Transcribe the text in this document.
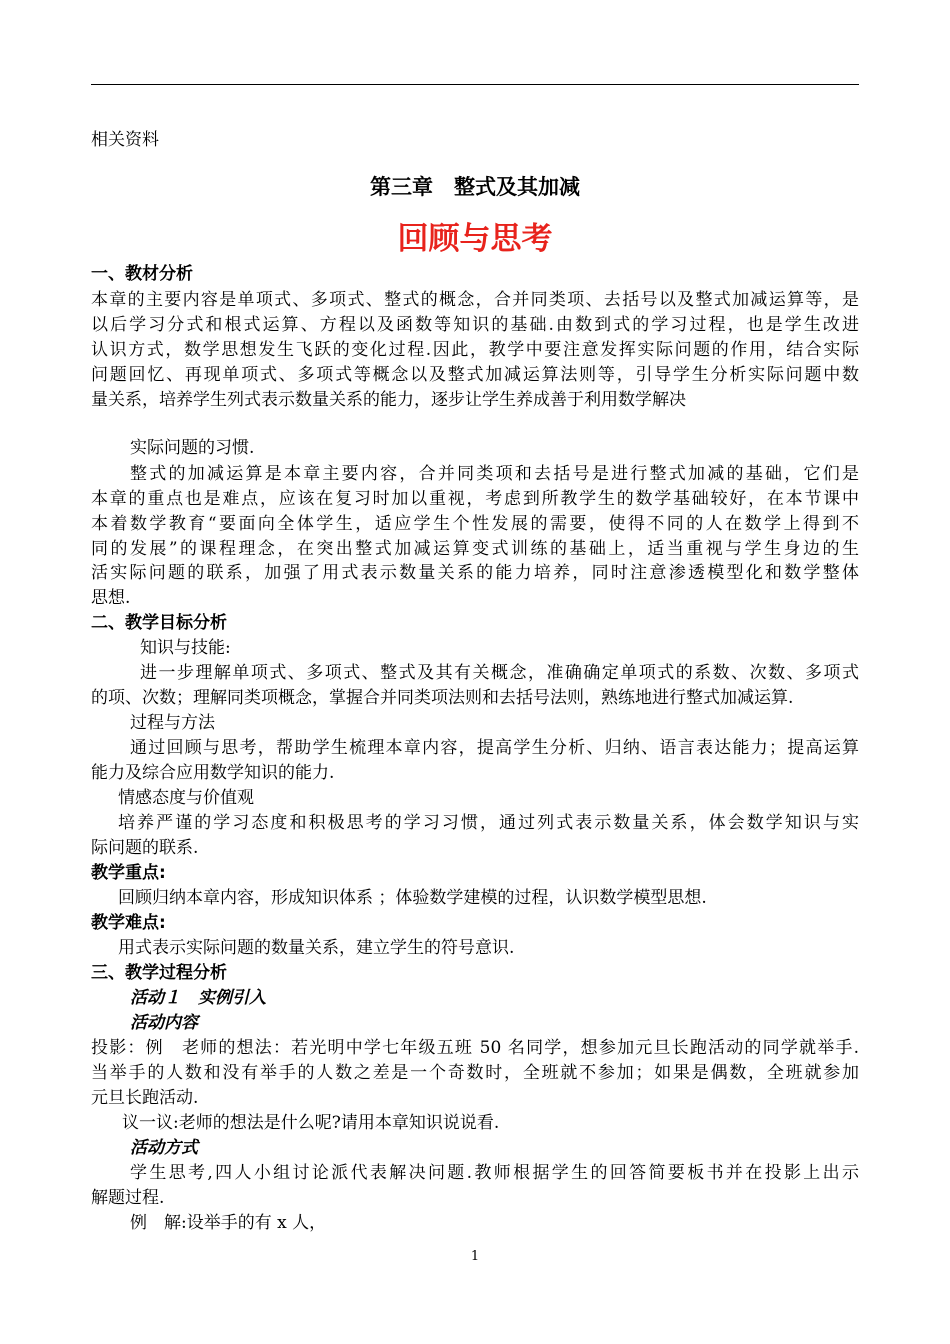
相关资料
第三章　整式及其加减
回顾与思考
一、教材分析
本章的主要内容是单项式、多项式、整式的概念，合并同类项、去括号以及整式加减运算等，是
以后学习分式和根式运算、方程以及函数等知识的基础.由数到式的学习过程，也是学生改进
认识方式，数学思想发生飞跃的变化过程.因此，教学中要注意发挥实际问题的作用，结合实际
问题回忆、再现单项式、多项式等概念以及整式加减运算法则等，引导学生分析实际问题中数
量关系，培养学生列式表示数量关系的能力，逐步让学生养成善于利用数学解决
实际问题的习惯.
整式的加减运算是本章主要内容，合并同类项和去括号是进行整式加减的基础，它们是
本章的重点也是难点，应该在复习时加以重视，考虑到所教学生的数学基础较好，在本节课中
本着数学教育“要面向全体学生，适应学生个性发展的需要，使得不同的人在数学上得到不
同的发展”的课程理念，在突出整式加减运算变式训练的基础上，适当重视与学生身边的生
活实际问题的联系，加强了用式表示数量关系的能力培养，同时注意渗透模型化和数学整体
思想.
二、教学目标分析
知识与技能:
进一步理解单项式、多项式、整式及其有关概念，准确确定单项式的系数、次数、多项式
的项、次数；理解同类项概念，掌握合并同类项法则和去括号法则，熟练地进行整式加减运算.
过程与方法
通过回顾与思考，帮助学生梳理本章内容，提高学生分析、归纳、语言表达能力；提高运算
能力及综合应用数学知识的能力.
情感态度与价值观
培养严谨的学习态度和积极思考的学习习惯，通过列式表示数量关系，体会数学知识与实
际问题的联系.
教学重点:
回顾归纳本章内容，形成知识体系 ；体验数学建模的过程，认识数学模型思想.
教学难点:
用式表示实际问题的数量关系，建立学生的符号意识.
三、教学过程分析
活动１　实例引入
活动内容
投影：例　老师的想法：若光明中学七年级五班 50 名同学，想参加元旦长跑活动的同学就举手.
当举手的人数和没有举手的人数之差是一个奇数时，全班就不参加；如果是偶数，全班就参加
元旦长跑活动.
议一议:老师的想法是什么呢?请用本章知识说说看.
活动方式
学生思考,四人小组讨论派代表解决问题.教师根据学生的回答简要板书并在投影上出示
解题过程.
例　解:设举手的有 x 人，
1
